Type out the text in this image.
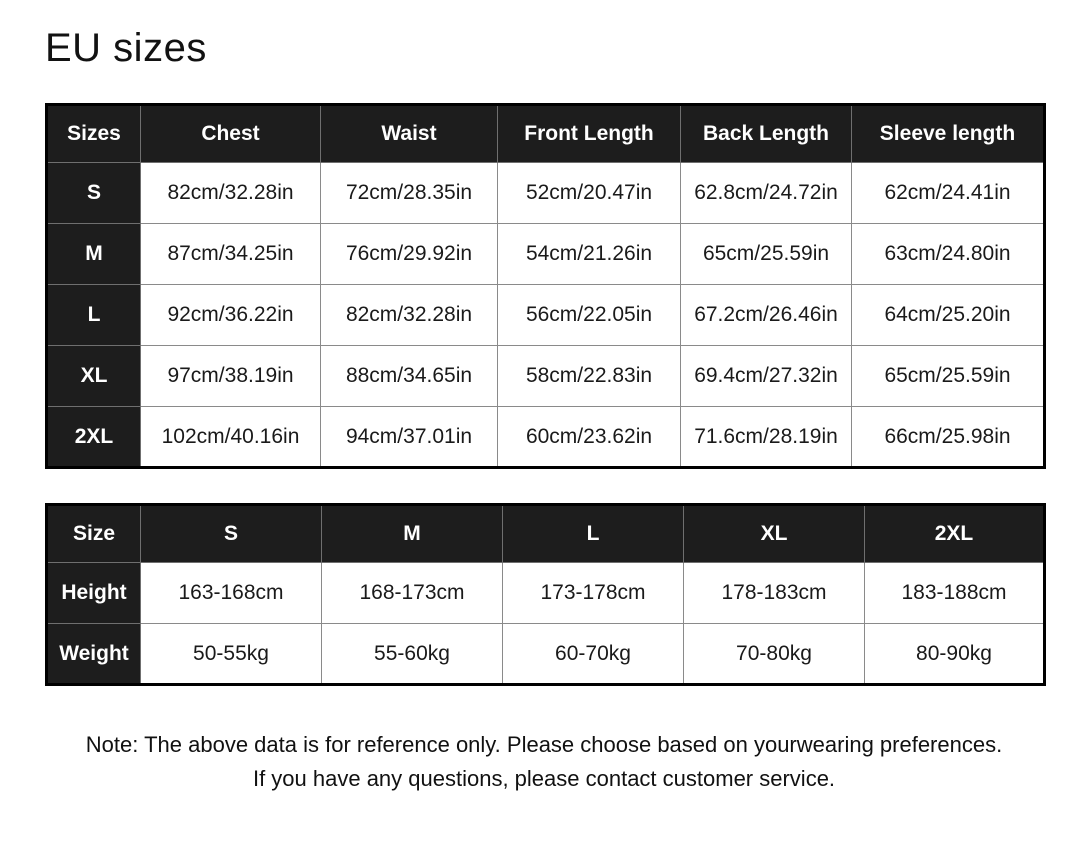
EU sizes
Sizes	Chest	Waist	Front Length	Back Length	Sleeve length
S	82cm/32.28in	72cm/28.35in	52cm/20.47in	62.8cm/24.72in	62cm/24.41in
M	87cm/34.25in	76cm/29.92in	54cm/21.26in	65cm/25.59in	63cm/24.80in
L	92cm/36.22in	82cm/32.28in	56cm/22.05in	67.2cm/26.46in	64cm/25.20in
XL	97cm/38.19in	88cm/34.65in	58cm/22.83in	69.4cm/27.32in	65cm/25.59in
2XL	102cm/40.16in	94cm/37.01in	60cm/23.62in	71.6cm/28.19in	66cm/25.98in
Size	S	M	L	XL	2XL
Height	163-168cm	168-173cm	173-178cm	178-183cm	183-188cm
Weight	50-55kg	55-60kg	60-70kg	70-80kg	80-90kg
Note: The above data is for reference only. Please choose based on yourwearing preferences.
If you have any questions, please contact customer service.
